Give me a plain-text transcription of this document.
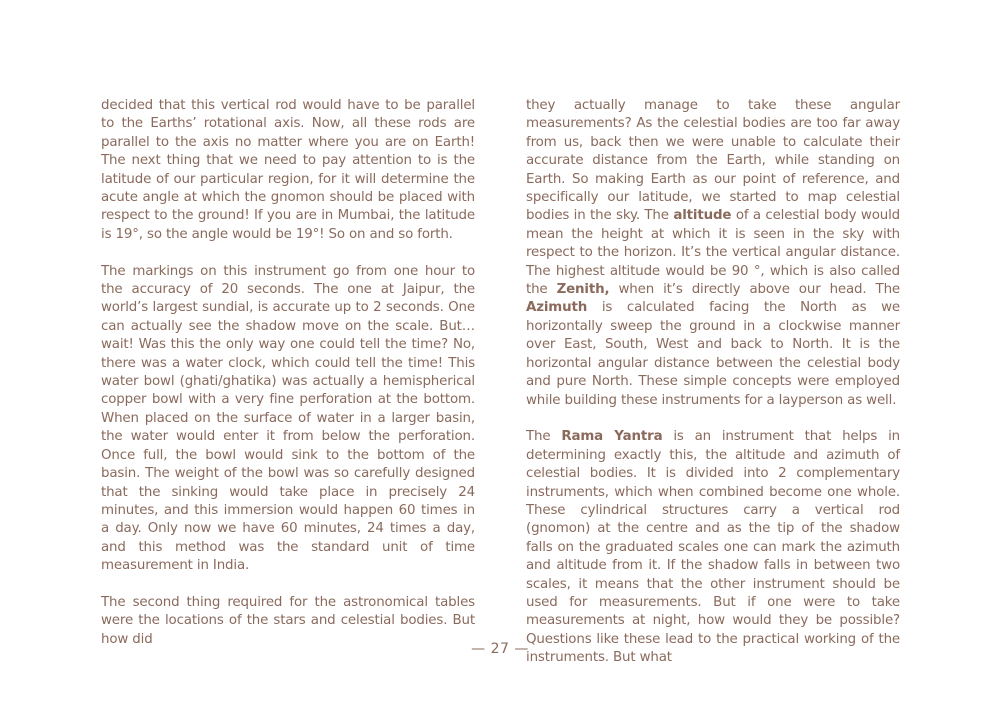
decided that this vertical rod would have to be parallel to the Earths’ rotational axis. Now, all these rods are parallel to the axis no matter where you are on Earth! The next thing that we need to pay attention to is the latitude of our particular region, for it will determine the acute angle at which the gnomon should be placed with respect to the ground! If you are in Mumbai, the latitude is 19°, so the angle would be 19°! So on and so forth.

The markings on this instrument go from one hour to the accuracy of 20 seconds. The one at Jaipur, the world’s largest sundial, is accurate up to 2 seconds. One can actually see the shadow move on the scale. But… wait! Was this the only way one could tell the time? No, there was a water clock, which could tell the time! This water bowl (ghati/ghatika) was actually a hemispherical copper bowl with a very fine perforation at the bottom. When placed on the surface of water in a larger basin, the water would enter it from below the perforation. Once full, the bowl would sink to the bottom of the basin. The weight of the bowl was so carefully designed that the sinking would take place in precisely 24 minutes, and this immersion would happen 60 times in a day. Only now we have 60 minutes, 24 times a day, and this method was the standard unit of time measurement in India.

The second thing required for the astronomical tables were the locations of the stars and celestial bodies. But how did

they actually manage to take these angular measurements? As the celestial bodies are too far away from us, back then we were unable to calculate their accurate distance from the Earth, while standing on Earth. So making Earth as our point of reference, and specifically our latitude, we started to map celestial bodies in the sky. The altitude of a celestial body would mean the height at which it is seen in the sky with respect to the horizon. It’s the vertical angular distance. The highest altitude would be 90 °, which is also called the Zenith, when it’s directly above our head. The Azimuth is calculated facing the North as we horizontally sweep the ground in a clockwise manner over East, South, West and back to North. It is the horizontal angular distance between the celestial body and pure North. These simple concepts were employed while building these instruments for a layperson as well.

The Rama Yantra is an instrument that helps in determining exactly this, the altitude and azimuth of celestial bodies. It is divided into 2 complementary instruments, which when combined become one whole. These cylindrical structures carry a vertical rod (gnomon) at the centre and as the tip of the shadow falls on the graduated scales one can mark the azimuth and altitude from it. If the shadow falls in between two scales, it means that the other instrument should be used for measurements. But if one were to take measurements at night, how would they be possible? Questions like these lead to the practical working of the instruments. But what

— 27 —
